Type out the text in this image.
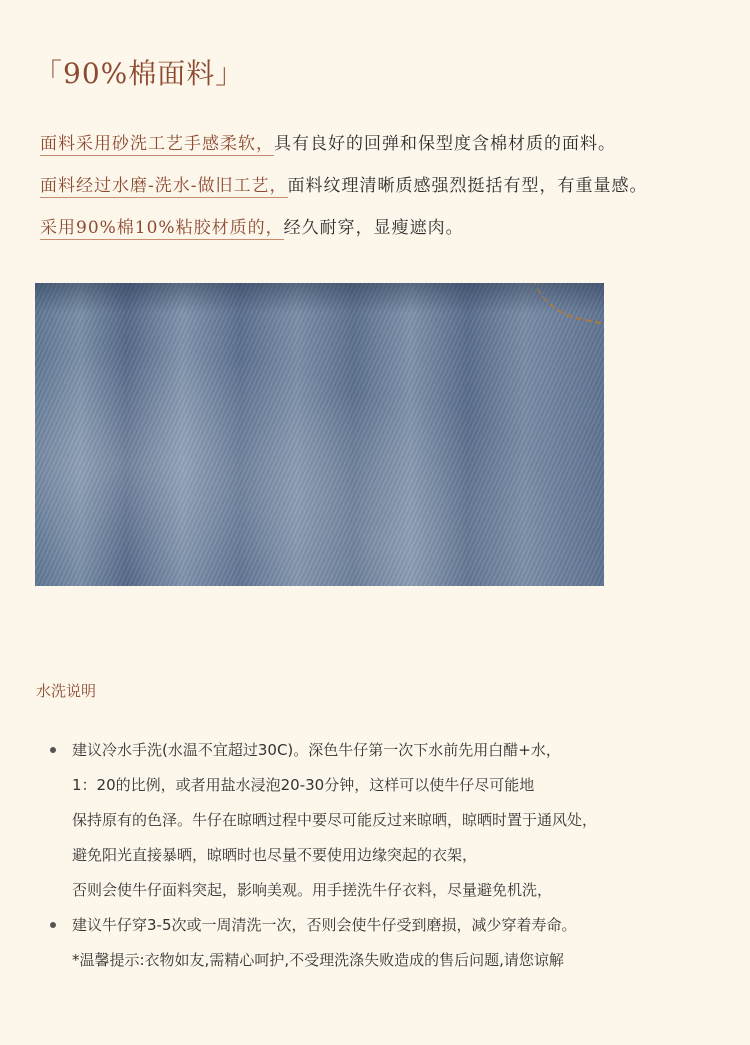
「90%棉面料」
面料采用砂洗工艺手感柔软，具有良好的回弹和保型度含棉材质的面料。
面料经过水磨-洗水-做旧工艺，面料纹理清晰质感强烈挺括有型，有重量感。
采用90%棉10%粘胶材质的，经久耐穿，显瘦遮肉。
水洗说明
建议冷水手洗(水温不宜超过30C)。深色牛仔第一次下水前先用白醋+水，
1：20的比例，或者用盐水浸泡20-30分钟，这样可以使牛仔尽可能地
保持原有的色泽。牛仔在晾晒过程中要尽可能反过来晾晒，晾晒时置于通风处，
避免阳光直接暴晒，晾晒时也尽量不要使用边缘突起的衣架，
否则会使牛仔面料突起，影响美观。用手搓洗牛仔衣料，尽量避免机洗，
建议牛仔穿3-5次或一周清洗一次，否则会使牛仔受到磨损，减少穿着寿命。
*温馨提示:衣物如友,需精心呵护,不受理洗涤失败造成的售后问题,请您谅解
